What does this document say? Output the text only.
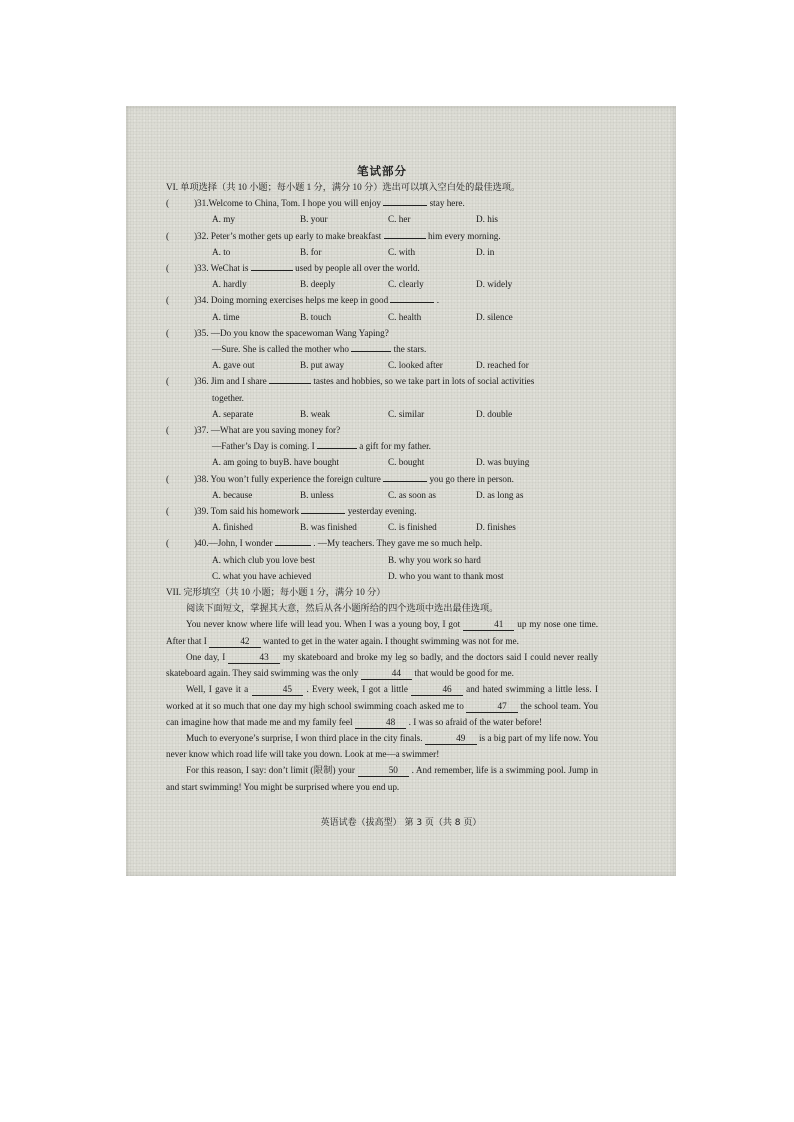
笔试部分
VI. 单项选择（共 10 小题；每小题 1 分，满分 10 分）选出可以填入空白处的最佳选项。
(	)31.Welcome to China, Tom. I hope you will enjoy	stay here.
A. my	B. your	C. her	D. his
(	)32. Peter’s mother gets up early to make breakfast	him every morning.
A. to	B. for	C. with	D. in
(	)33. WeChat is	used by people all over the world.
A. hardly	B. deeply	C. clearly	D. widely
(	)34. Doing morning exercises helps me keep in good	.
A. time	B. touch	C. health	D. silence
(	)35. —Do you know the spacewoman Wang Yaping?
—Sure. She is called the mother who	the stars.
A. gave out	B. put away	C. looked after	D. reached for
(	)36. Jim and I share	tastes and hobbies, so we take part in lots of social activities
together.
A. separate	B. weak	C. similar	D. double
(	)37. —What are you saving money for?
—Father’s Day is coming. I	a gift for my father.
A. am going to buyB. have bought	C. bought	D. was buying
(	)38. You won’t fully experience the foreign culture	you go there in person.
A. because	B. unless	C. as soon as	D. as long as
(	)39. Tom said his homework	yesterday evening.
A. finished	B. was finished	C. is finished	D. finishes
(	)40.—John, I wonder	. —My teachers. They gave me so much help.
A. which club you love best	B. why you work so hard
C. what you have achieved	D. who you want to thank most
VII. 完形填空（共 10 小题；每小题 1 分，满分 10 分）
阅读下面短文，掌握其大意，然后从各小题所给的四个选项中选出最佳选项。
You never know where life will lead you. When I was a young boy, I got	 41  up my nose one time. After that I	 42  wanted to get in the water again. I thought swimming was not for me.
One day, I	 43  my skateboard and broke my leg so badly, and the doctors said I could never really skateboard again. They said swimming was the only	 44  that would be good for me.
Well, I gave it a	 45  . Every week, I got a little	 46  and hated swimming a little less. I worked at it so much that one day my high school swimming coach asked me to	 47  the school team. You can imagine how that made me and my family feel	 48  . I was so afraid of the water before!
Much to everyone’s surprise, I won third place in the city finals.	 49  is a big part of my life now. You never know which road life will take you down. Look at me—a swimmer!
For this reason, I say: don’t limit (限制) your	 50  . And remember, life is a swimming pool. Jump in and start swimming! You might be surprised where you end up.
英语试卷（拔高型） 第 3 页（共 8 页）
